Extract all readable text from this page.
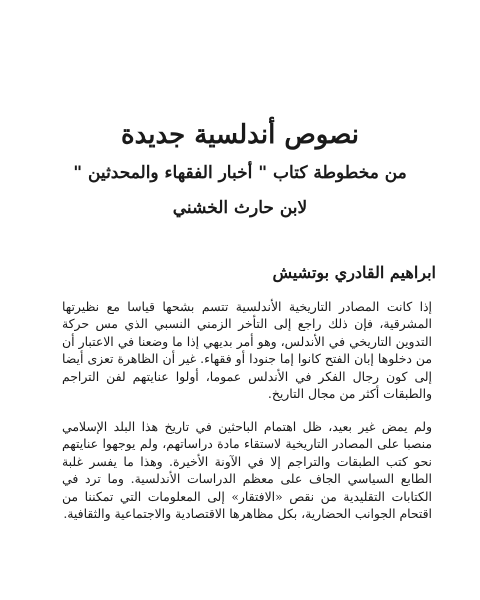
نصوص أندلسية جديدة
من مخطوطة كتاب " أخبار الفقهاء والمحدثين "
لابن حارث الخشني
ابراهيم القادري بوتشيش

إذا كانت المصادر التاريخية الأندلسية تتسم بشحها قياسا مع نظيرتها المشرقية، فإن ذلك راجع إلى التأخر الزمني النسبي الذي مس حركة التدوين التاريخي في الأندلس، وهو أمر بديهي إذا ما وضعنا في الاعتبار أن من دخلوها إبان الفتح كانوا إما جنودا أو فقهاء. غير أن الظاهرة تعزى أيضا إلى كون رجال الفكر في الأندلس عموما، أولوا عنايتهم لفن التراجم والطبقات أكثر من مجال التاريخ.

ولم يمض غير بعيد، ظل اهتمام الباحثين في تاريخ هذا البلد الإسلامي منصبا على المصادر التاريخية لاستقاء مادة دراساتهم، ولم يوجهوا عنايتهم نحو كتب الطبقات والتراجم إلا في الآونة الأخيرة. وهذا ما يفسر غلبة الطابع السياسي الجاف على معظم الدراسات الأندلسية. وما ترد في الكتابات التقليدية من نقص «الافتقار» إلى المعلومات التي تمكننا من اقتحام الجوانب الحضارية، بكل مظاهرها الاقتصادية والاجتماعية والثقافية.
